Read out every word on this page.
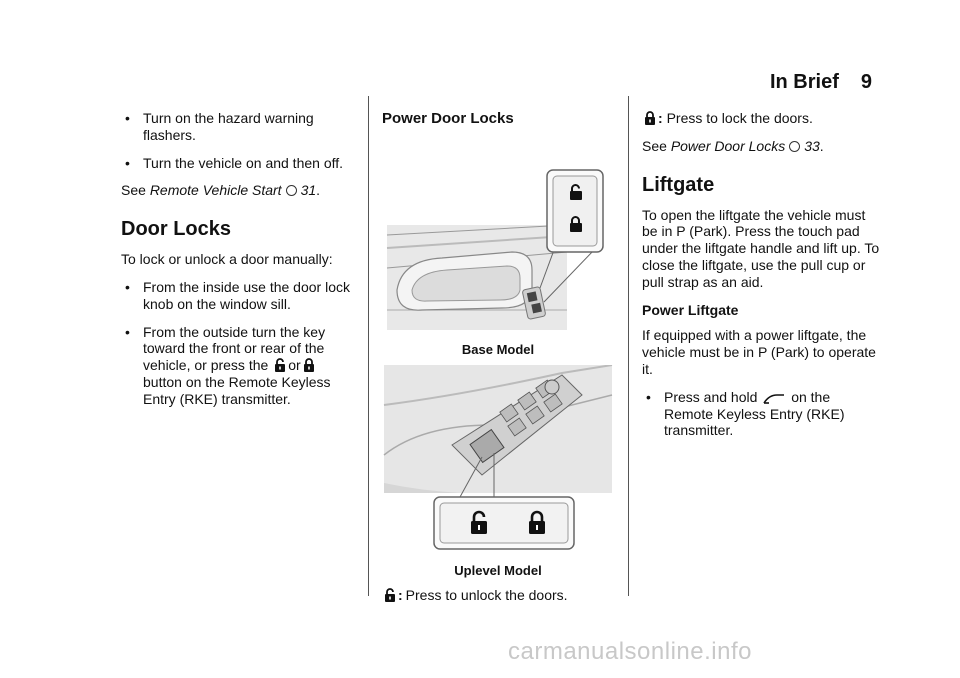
In Brief 9
• Turn on the hazard warning flashers.
• Turn the vehicle on and then off.

See Remote Vehicle Start 31.

Door Locks

To lock or unlock a door manually:

• From the inside use the door lock knob on the window sill.
• From the outside turn the key toward the front or rear of the vehicle, or press the or button on the Remote Keyless Entry (RKE) transmitter.
Power Door Locks
Base Model
Uplevel Model
: Press to unlock the doors.

: Press to lock the doors.

See Power Door Locks 33.

Liftgate

To open the liftgate the vehicle must be in P (Park). Press the touch pad under the liftgate handle and lift up. To close the liftgate, use the pull cup or pull strap as an aid.

Power Liftgate

If equipped with a power liftgate, the vehicle must be in P (Park) to operate it.

• Press and hold on the Remote Keyless Entry (RKE) transmitter.
carmanualsonline.info
